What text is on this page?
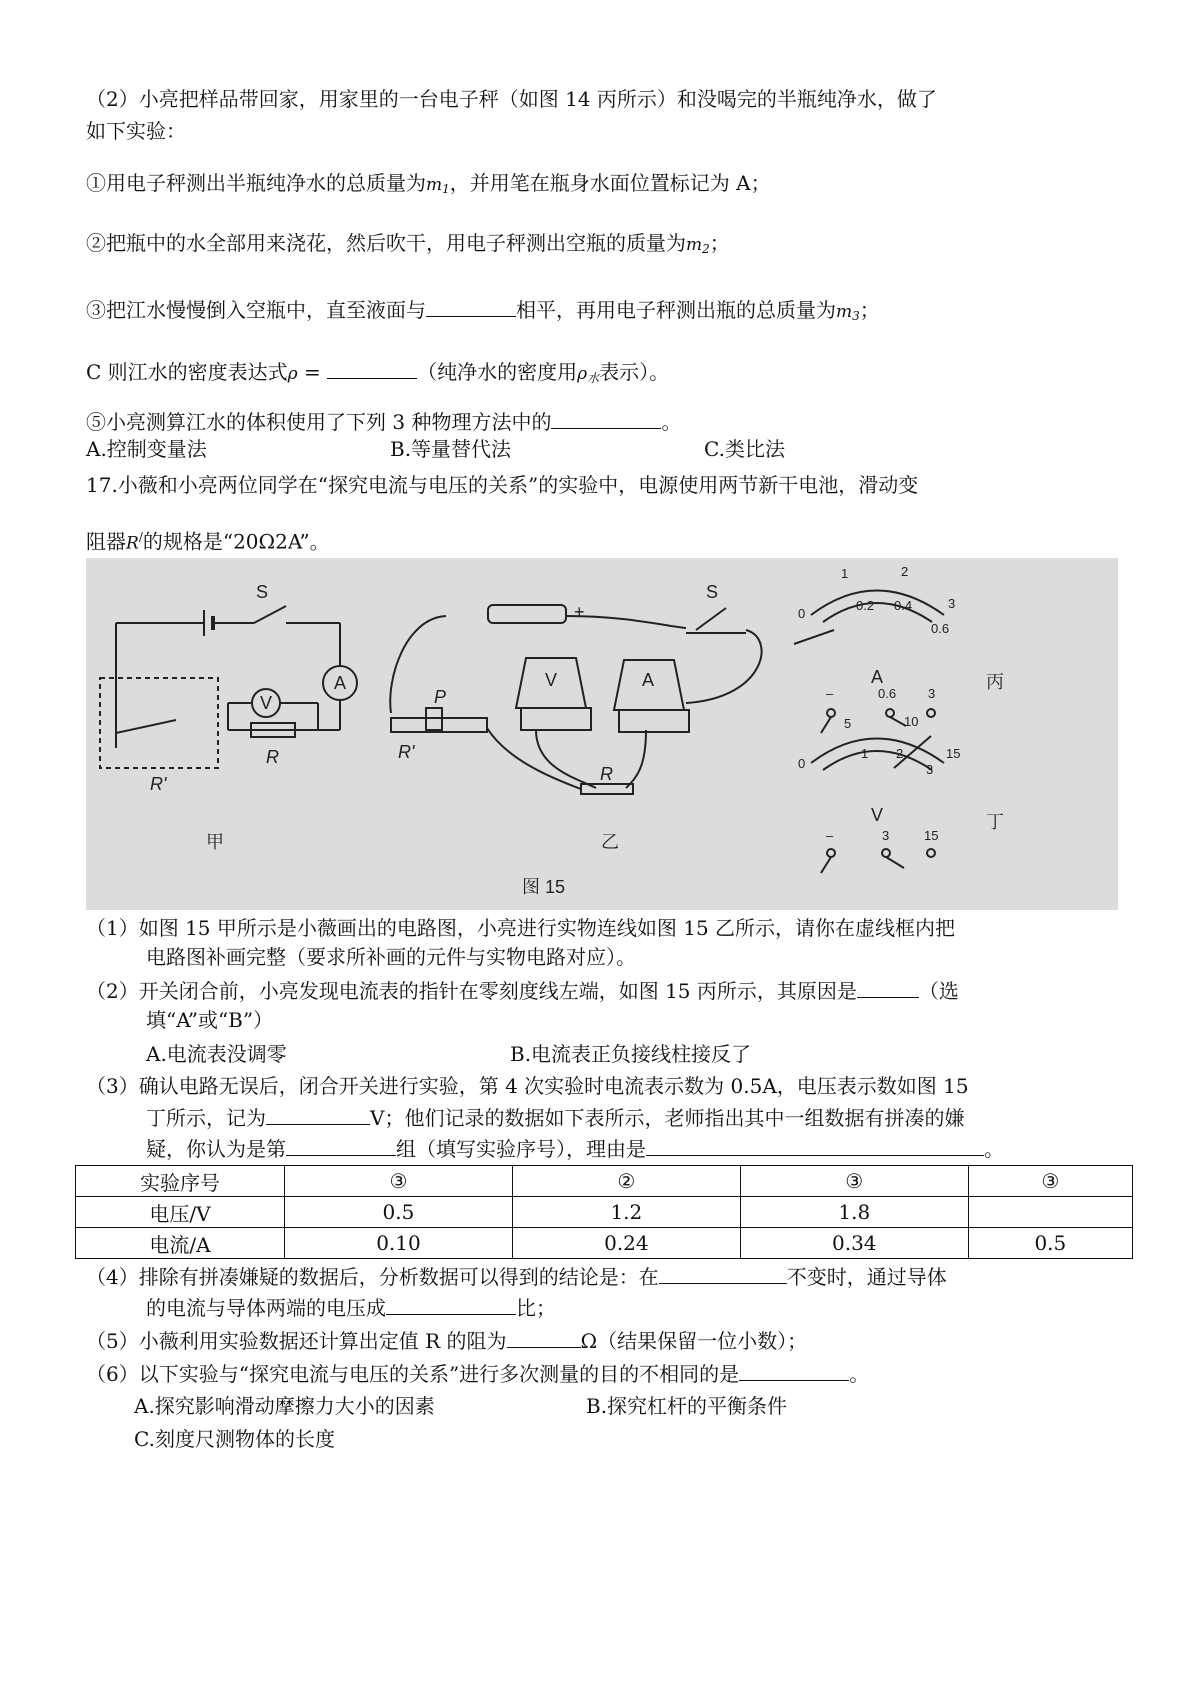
（2）小亮把样品带回家，用家里的一台电子秤（如图 14 丙所示）和没喝完的半瓶纯净水，做了
如下实验：
①用电子秤测出半瓶纯净水的总质量为$m_1$，并用笔在瓶身水面位置标记为 A；
②把瓶中的水全部用来浇花，然后吹干，用电子秤测出空瓶的质量为$m_2$；
③把江水慢慢倒入空瓶中，直至液面与	相平，再用电子秤测出瓶的总质量为$m_3$；
C 则江水的密度表达式ρ =	（纯净水的密度用$\rho_水$表示）。
⑤小亮测算江水的体积使用了下列 3 种物理方法中的	。
A.控制变量法	B.等量替代法	C.类比法
17.小薇和小亮两位同学在“探究电流与电压的关系”的实验中，电源使用两节新干电池，滑动变
阻器R/的规格是“20Ω2A”。
S
A
V
R
R'
甲
S
+
P
R'
R
V	A
乙
图 15
0
1	2
3
0.2 0.4
0.6
0.6 3
–
0
5	10
15
1 2
3
3	15
–
A
V
丙
丁
（1）如图 15 甲所示是小薇画出的电路图，小亮进行实物连线如图 15 乙所示，请你在虚线框内把
电路图补画完整（要求所补画的元件与实物电路对应）。
（2）开关闭合前，小亮发现电流表的指针在零刻度线左端，如图 15 丙所示，其原因是	（选
填“A”或“B”）
A.电流表没调零	B.电流表正负接线柱接反了
（3）确认电路无误后，闭合开关进行实验，第 4 次实验时电流表示数为 0.5A，电压表示数如图 15
丁所示，记为	V；他们记录的数据如下表所示，老师指出其中一组数据有拼凑的嫌
疑，你认为是第	组（填写实验序号），理由是	。
实验序号	③	②	③	③
电压/V	0.5	1.2	1.8	
电流/A	0.10	0.24	0.34	0.5
（4）排除有拼凑嫌疑的数据后，分析数据可以得到的结论是：在	不变时，通过导体
的电流与导体两端的电压成	比；
（5）小薇利用实验数据还计算出定值 R 的阻为	Ω（结果保留一位小数）；
（6）以下实验与“探究电流与电压的关系”进行多次测量的目的不相同的是	。
A.探究影响滑动摩擦力大小的因素	B.探究杠杆的平衡条件
C.刻度尺测物体的长度
